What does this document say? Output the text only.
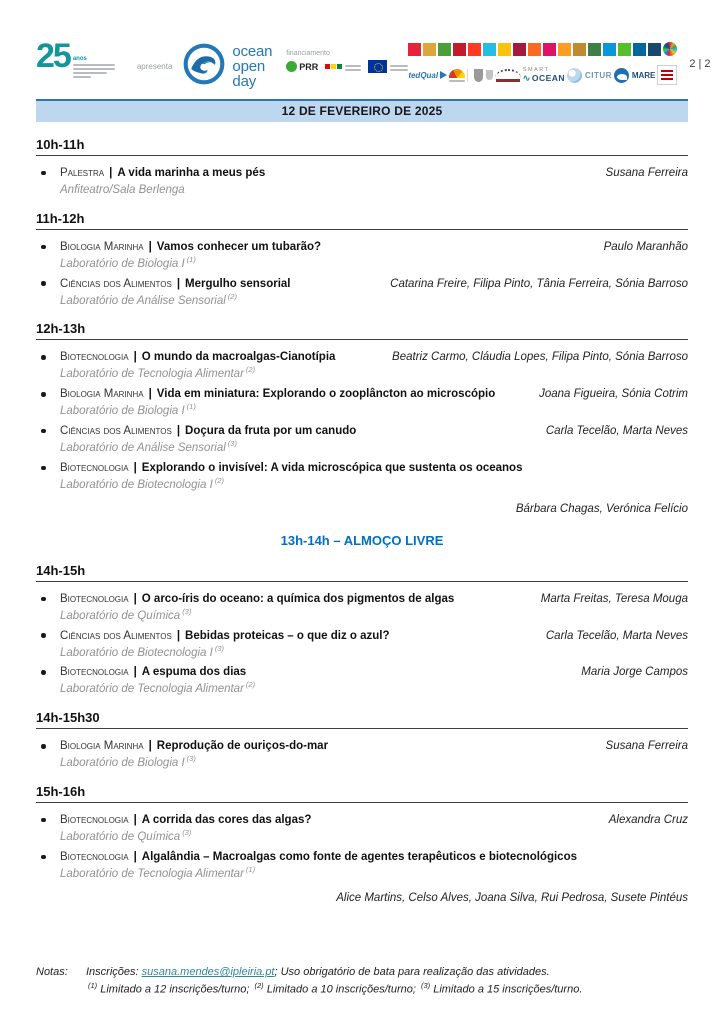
25 anos
apresenta
ocean
open day
financiamento
PRR
tedQual
SMART
∿ OCEAN CITUR MARE
2 | 2
12 DE FEVEREIRO DE 2025
10h-11h
Palestra | A vida marinha a meus pés	Susana Ferreira
Anfiteatro/Sala Berlenga
11h-12h
Biologia Marinha | Vamos conhecer um tubarão?	Paulo Maranhão
Laboratório de Biologia I $^{(1)}$
Ciências dos Alimentos | Mergulho sensorial	Catarina Freire, Filipa Pinto, Tânia Ferreira, Sónia Barroso
Laboratório de Análise Sensorial $^{(2)}$
12h-13h
Biotecnologia | O mundo da macroalgas-Cianotípia	Beatriz Carmo, Cláudia Lopes, Filipa Pinto, Sónia Barroso
Laboratório de Tecnologia Alimentar $^{(2)}$
Biologia Marinha | Vida em miniatura: Explorando o zooplâncton ao microscópio	Joana Figueira, Sónia Cotrim
Laboratório de Biologia I $^{(1)}$
Ciências dos Alimentos | Doçura da fruta por um canudo	Carla Tecelão, Marta Neves
Laboratório de Análise Sensorial $^{(3)}$
Biotecnologia | Explorando o invisível: A vida microscópica que sustenta os oceanos
Laboratório de Biotecnologia I $^{(2)}$
Bárbara Chagas, Verónica Felício
13h-14h – ALMOÇO LIVRE
14h-15h
Biotecnologia | O arco-íris do oceano: a química dos pigmentos de algas	Marta Freitas, Teresa Mouga
Laboratório de Química $^{(3)}$
Ciências dos Alimentos | Bebidas proteicas – o que diz o azul?	Carla Tecelão, Marta Neves
Laboratório de Biotecnologia I $^{(3)}$
Biotecnologia | A espuma dos dias	Maria Jorge Campos
Laboratório de Tecnologia Alimentar $^{(2)}$
14h-15h30
Biologia Marinha | Reprodução de ouriços-do-mar	Susana Ferreira
Laboratório de Biologia I $^{(3)}$
15h-16h
Biotecnologia | A corrida das cores das algas?	Alexandra Cruz
Laboratório de Química $^{(3)}$
Biotecnologia | Algalândia – Macroalgas como fonte de agentes terapêuticos e biotecnológicos
Laboratório de Tecnologia Alimentar $^{(1)}$
Alice Martins, Celso Alves, Joana Silva, Rui Pedrosa, Susete Pintéus
Notas:	Inscrições: susana.mendes@ipleiria.pt; Uso obrigatório de bata para realização das atividades.
$^{(1)}$ Limitado a 12 inscrições/turno; $^{(2)}$ Limitado a 10 inscrições/turno; $^{(3)}$ Limitado a 15 inscrições/turno.
